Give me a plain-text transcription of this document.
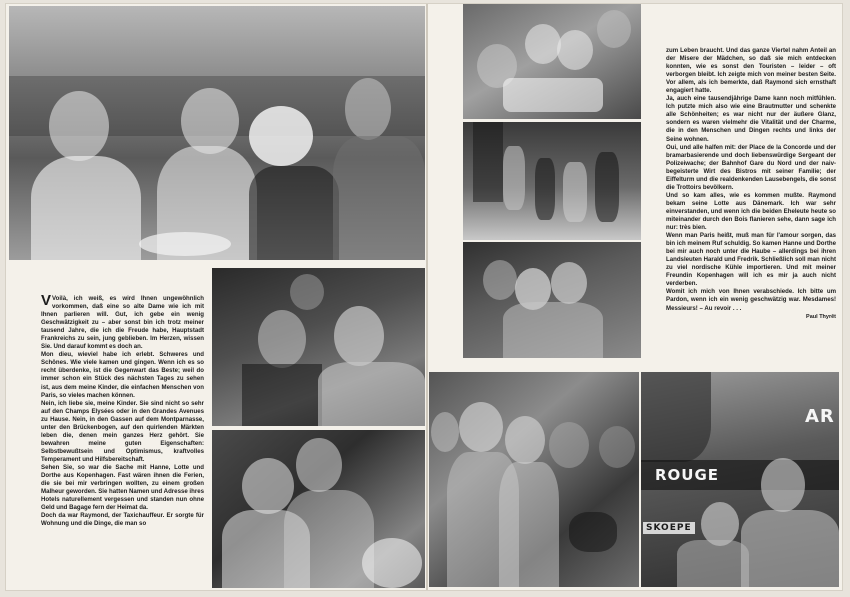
V Voilà, ich weiß, es wird Ihnen ungewöhnlich vorkommen, daß eine so alte Dame wie ich mit Ihnen parlieren will. Gut, ich gebe ein wenig Geschwätzigkeit zu – aber sonst bin ich trotz meiner tausend Jahre, die ich die Freude habe, Hauptstadt Frankreichs zu sein, jung geblieben. Im Herzen, wissen Sie. Und darauf kommt es doch an.

Mon dieu, wieviel habe ich erlebt. Schweres und Schönes. Wie viele kamen und gingen. Wenn ich es so recht überdenke, ist die Gegenwart das Beste; weil do immer schon ein Stück des nächsten Tages zu sehen ist, aus dem meine Kinder, die einfachen Menschen von Paris, so vieles machen können.

Nein, ich liebe sie, meine Kinder. Sie sind nicht so sehr auf den Champs Elysées oder in den Grandes Avenues zu Hause. Nein, in den Gassen auf dem Montparnasse, unter den Brückenbogen, auf den quirlenden Märkten leben die, denen mein ganzes Herz gehört. Sie bewahren meine guten Eigenschaften: Selbstbewußtsein und Optimismus, kraftvolles Temperament und Hilfsbereitschaft.

Sehen Sie, so war die Sache mit Hanne, Lotte und Dorthe aus Kopenhagen. Fast wären ihnen die Ferien, die sie bei mir verbringen wollten, zu einem großen Malheur geworden. Sie hatten Namen und Adresse ihres Hotels naturellement vergessen und standen nun ohne Geld und Bagage fern der Heimat da.

Doch da war Raymond, der Taxichauffeur. Er sorgte für Wohnung und die Dinge, die man so

ROUGE
AR
SKOEPE

zum Leben braucht. Und das ganze Viertel nahm Anteil an der Misere der Mädchen, so daß sie mich entdecken konnten, wie es sonst den Touristen – leider – oft verborgen bleibt. Ich zeigte mich von meiner besten Seite. Vor allem, als ich bemerkte, daß Raymond sich ernsthaft engagiert hatte.

Ja, auch eine tausendjährige Dame kann noch mitfühlen. Ich putzte mich also wie eine Brautmutter und schenkte alle Schönheiten; es war nicht nur der äußere Glanz, sondern es waren vielmehr die Vitalität und der Charme, die in den Menschen und Dingen rechts und links der Seine wohnen.

Oui, und alle halfen mit: der Place de la Concorde und der bramarbasierende und doch liebenswürdige Sergeant der Polizeiwache; der Bahnhof Gare du Nord und der naiv-begeisterte Wirt des Bistros mit seiner Familie; der Eiffelturm und die realdenkenden Lausebengels, die sonst die Trottoirs bevölkern.

Und so kam alles, wie es kommen mußte. Raymond bekam seine Lotte aus Dänemark. Ich war sehr einverstanden, und wenn ich die beiden Eheleute heute so miteinander durch den Bois flanieren sehe, dann sage ich nur: très bien.

Wenn man Paris heißt, muß man für l'amour sorgen, das bin ich meinem Ruf schuldig. So kamen Hanne und Dorthe bei mir auch noch unter die Haube – allerdings bei ihren Landsleuten Harald und Fredrik. Schließlich soll man nicht zu viel nordische Kühle importieren. Und mit meiner Freundin Kopenhagen will ich es mir ja auch nicht verderben.

Womit ich mich von Ihnen verabschiede. Ich bitte um Pardon, wenn ich ein wenig geschwätzig war. Mesdames! Messieurs! – Au revoir . . .

Paul Thyrêt
